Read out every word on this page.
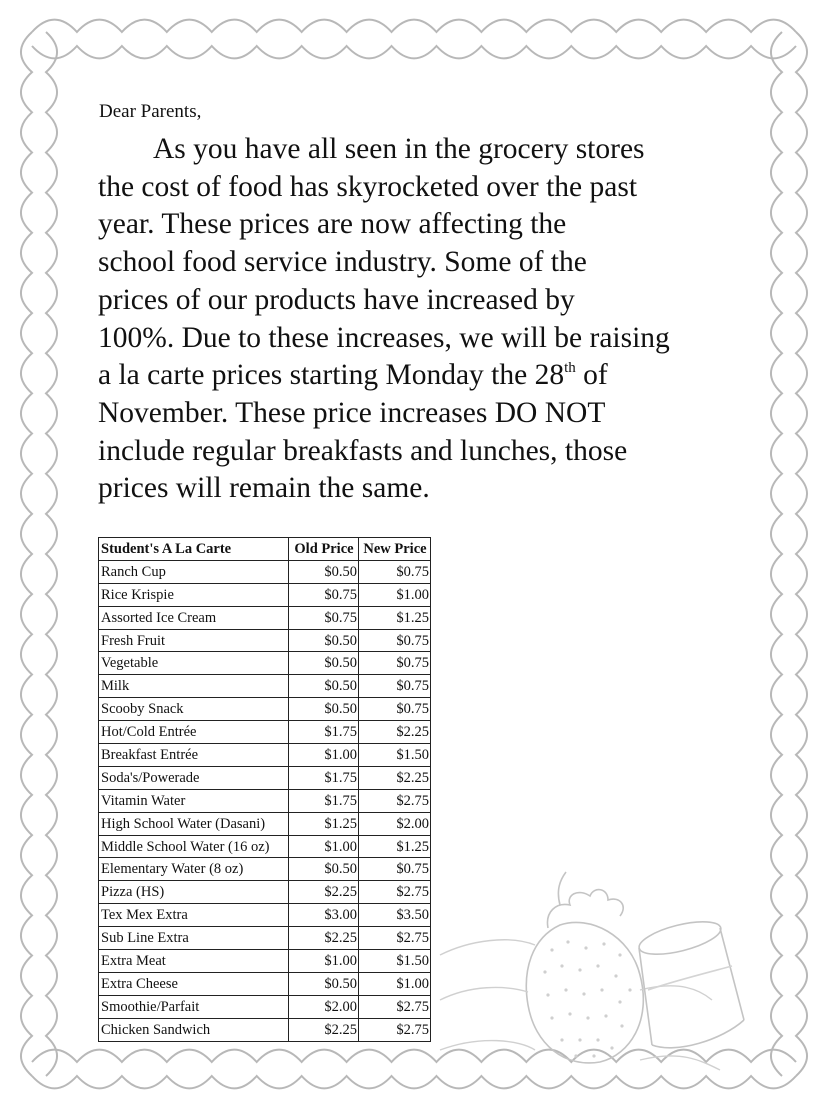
Dear Parents,

As you have all seen in the grocery stores
the cost of food has skyrocketed over the past
year. These prices are now affecting the
school food service industry. Some of the
prices of our products have increased by
100%. Due to these increases, we will be raising
a la carte prices starting Monday the 28th of
November. These price increases DO NOT
include regular breakfasts and lunches, those
prices will remain the same.
Student's A La Carte	Old Price	New Price
Ranch Cup	$0.50	$0.75
Rice Krispie	$0.75	$1.00
Assorted Ice Cream	$0.75	$1.25
Fresh Fruit	$0.50	$0.75
Vegetable	$0.50	$0.75
Milk	$0.50	$0.75
Scooby Snack	$0.50	$0.75
Hot/Cold Entrée	$1.75	$2.25
Breakfast Entrée	$1.00	$1.50
Soda's/Powerade	$1.75	$2.25
Vitamin Water	$1.75	$2.75
High School Water (Dasani)	$1.25	$2.00
Middle School Water (16 oz)	$1.00	$1.25
Elementary Water (8 oz)	$0.50	$0.75
Pizza (HS)	$2.25	$2.75
Tex Mex Extra	$3.00	$3.50
Sub Line Extra	$2.25	$2.75
Extra Meat	$1.00	$1.50
Extra Cheese	$0.50	$1.00
Smoothie/Parfait	$2.00	$2.75
Chicken Sandwich	$2.25	$2.75
